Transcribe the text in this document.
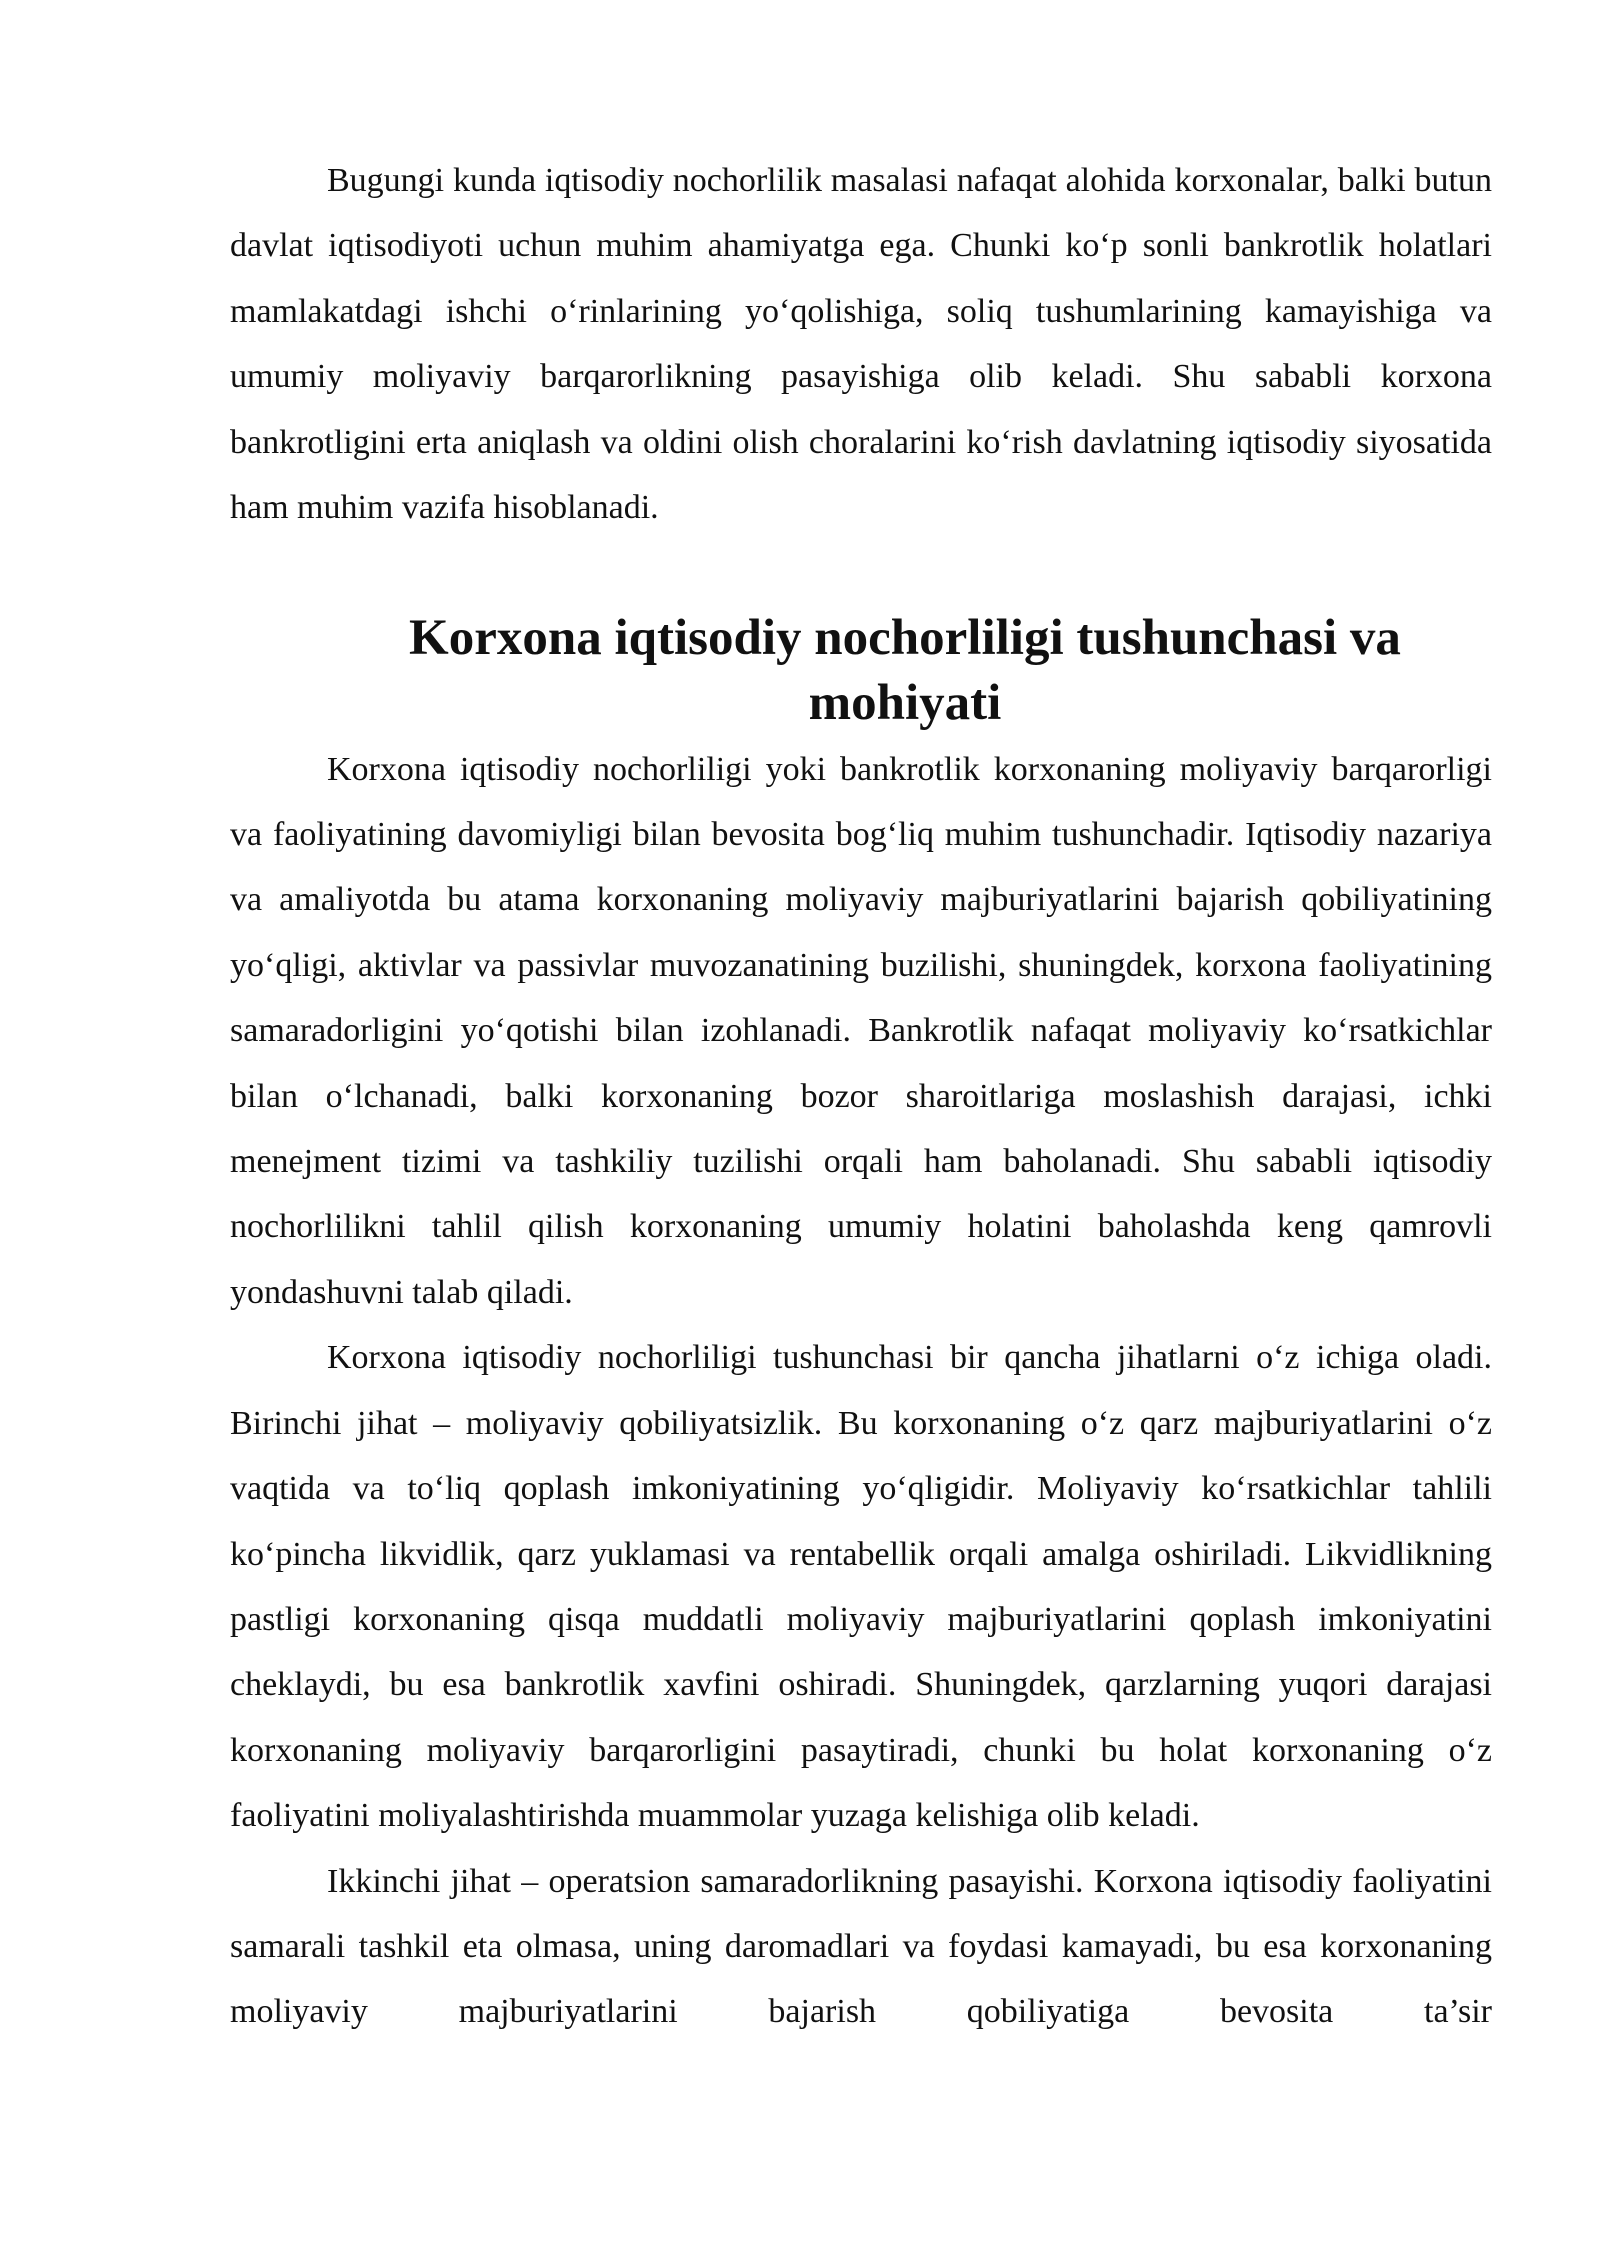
Bugungi kunda iqtisodiy nochorlilik masalasi nafaqat alohida korxonalar, balki butun davlat iqtisodiyoti uchun muhim ahamiyatga ega. Chunki ko‘p sonli bankrotlik holatlari mamlakatdagi ishchi o‘rinlarining yo‘qolishiga, soliq tushumlarining kamayishiga va umumiy moliyaviy barqarorlikning pasayishiga olib keladi. Shu sababli korxona bankrotligini erta aniqlash va oldini olish choralarini ko‘rish davlatning iqtisodiy siyosatida ham muhim vazifa hisoblanadi.

Korxona iqtisodiy nochorliligi tushunchasi va mohiyati

Korxona iqtisodiy nochorliligi yoki bankrotlik korxonaning moliyaviy barqarorligi va faoliyatining davomiyligi bilan bevosita bog‘liq muhim tushunchadir. Iqtisodiy nazariya va amaliyotda bu atama korxonaning moliyaviy majburiyatlarini bajarish qobiliyatining yo‘qligi, aktivlar va passivlar muvozanatining buzilishi, shuningdek, korxona faoliyatining samaradorligini yo‘qotishi bilan izohlanadi. Bankrotlik nafaqat moliyaviy ko‘rsatkichlar bilan o‘lchanadi, balki korxonaning bozor sharoitlariga moslashish darajasi, ichki menejment tizimi va tashkiliy tuzilishi orqali ham baholanadi. Shu sababli iqtisodiy nochorlilikni tahlil qilish korxonaning umumiy holatini baholashda keng qamrovli yondashuvni talab qiladi.

Korxona iqtisodiy nochorliligi tushunchasi bir qancha jihatlarni o‘z ichiga oladi. Birinchi jihat – moliyaviy qobiliyatsizlik. Bu korxonaning o‘z qarz majburiyatlarini o‘z vaqtida va to‘liq qoplash imkoniyatining yo‘qligidir. Moliyaviy ko‘rsatkichlar tahlili ko‘pincha likvidlik, qarz yuklamasi va rentabellik orqali amalga oshiriladi. Likvidlikning pastligi korxonaning qisqa muddatli moliyaviy majburiyatlarini qoplash imkoniyatini cheklaydi, bu esa bankrotlik xavfini oshiradi. Shuningdek, qarzlarning yuqori darajasi korxonaning moliyaviy barqarorligini pasaytiradi, chunki bu holat korxonaning o‘z faoliyatini moliyalashtirishda muammolar yuzaga kelishiga olib keladi.

Ikkinchi jihat – operatsion samaradorlikning pasayishi. Korxona iqtisodiy faoliyatini samarali tashkil eta olmasa, uning daromadlari va foydasi kamayadi, bu esa korxonaning moliyaviy majburiyatlarini bajarish qobiliyatiga bevosita ta’sir
